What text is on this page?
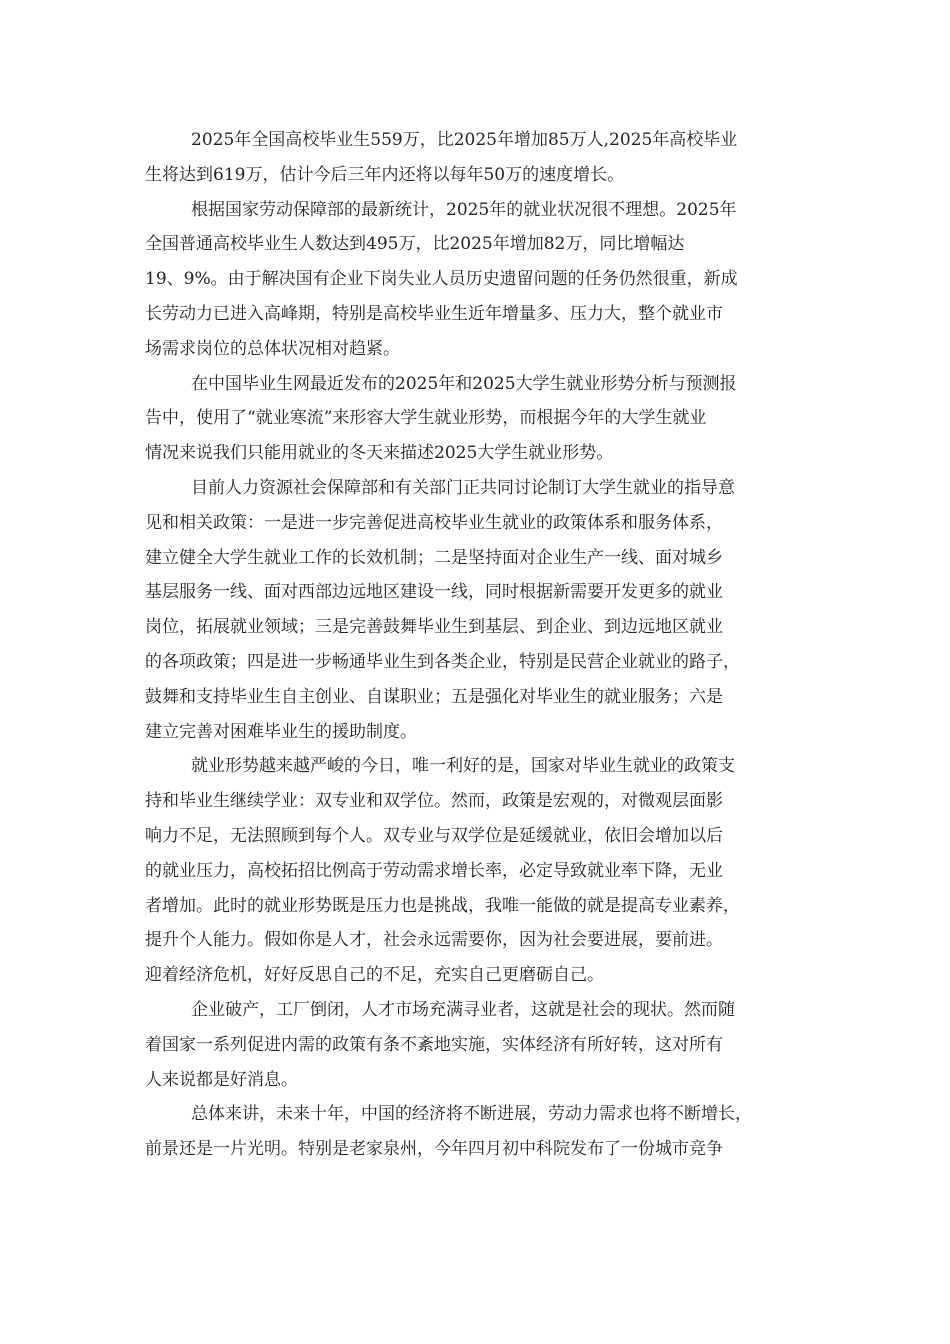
2025年全国高校毕业生559万，比2025年增加85万人,2025年高校毕业
生将达到619万，估计今后三年内还将以每年50万的速度增长。
根据国家劳动保障部的最新统计，2025年的就业状况很不理想。2025年
全国普通高校毕业生人数达到495万，比2025年增加82万，同比增幅达
19、9%。由于解决国有企业下岗失业人员历史遗留问题的任务仍然很重，新成
长劳动力已进入高峰期，特别是高校毕业生近年增量多、压力大，整个就业市
场需求岗位的总体状况相对趋紧。
在中国毕业生网最近发布的2025年和2025大学生就业形势分析与预测报
告中，使用了“就业寒流”来形容大学生就业形势，而根据今年的大学生就业
情况来说我们只能用就业的冬天来描述2025大学生就业形势。
目前人力资源社会保障部和有关部门正共同讨论制订大学生就业的指导意
见和相关政策：一是进一步完善促进高校毕业生就业的政策体系和服务体系，
建立健全大学生就业工作的长效机制；二是坚持面对企业生产一线、面对城乡
基层服务一线、面对西部边远地区建设一线，同时根据新需要开发更多的就业
岗位，拓展就业领域；三是完善鼓舞毕业生到基层、到企业、到边远地区就业
的各项政策；四是进一步畅通毕业生到各类企业，特别是民营企业就业的路子，
鼓舞和支持毕业生自主创业、自谋职业；五是强化对毕业生的就业服务；六是
建立完善对困难毕业生的援助制度。
就业形势越来越严峻的今日，唯一利好的是，国家对毕业生就业的政策支
持和毕业生继续学业：双专业和双学位。然而，政策是宏观的，对微观层面影
响力不足，无法照顾到每个人。双专业与双学位是延缓就业，依旧会增加以后
的就业压力，高校拓招比例高于劳动需求增长率，必定导致就业率下降，无业
者增加。此时的就业形势既是压力也是挑战，我唯一能做的就是提高专业素养，
提升个人能力。假如你是人才，社会永远需要你，因为社会要进展，要前进。
迎着经济危机，好好反思自己的不足，充实自己更磨砺自己。
企业破产，工厂倒闭，人才市场充满寻业者，这就是社会的现状。然而随
着国家一系列促进内需的政策有条不紊地实施，实体经济有所好转，这对所有
人来说都是好消息。
总体来讲，未来十年，中国的经济将不断进展，劳动力需求也将不断增长，
前景还是一片光明。特别是老家泉州，今年四月初中科院发布了一份城市竞争
